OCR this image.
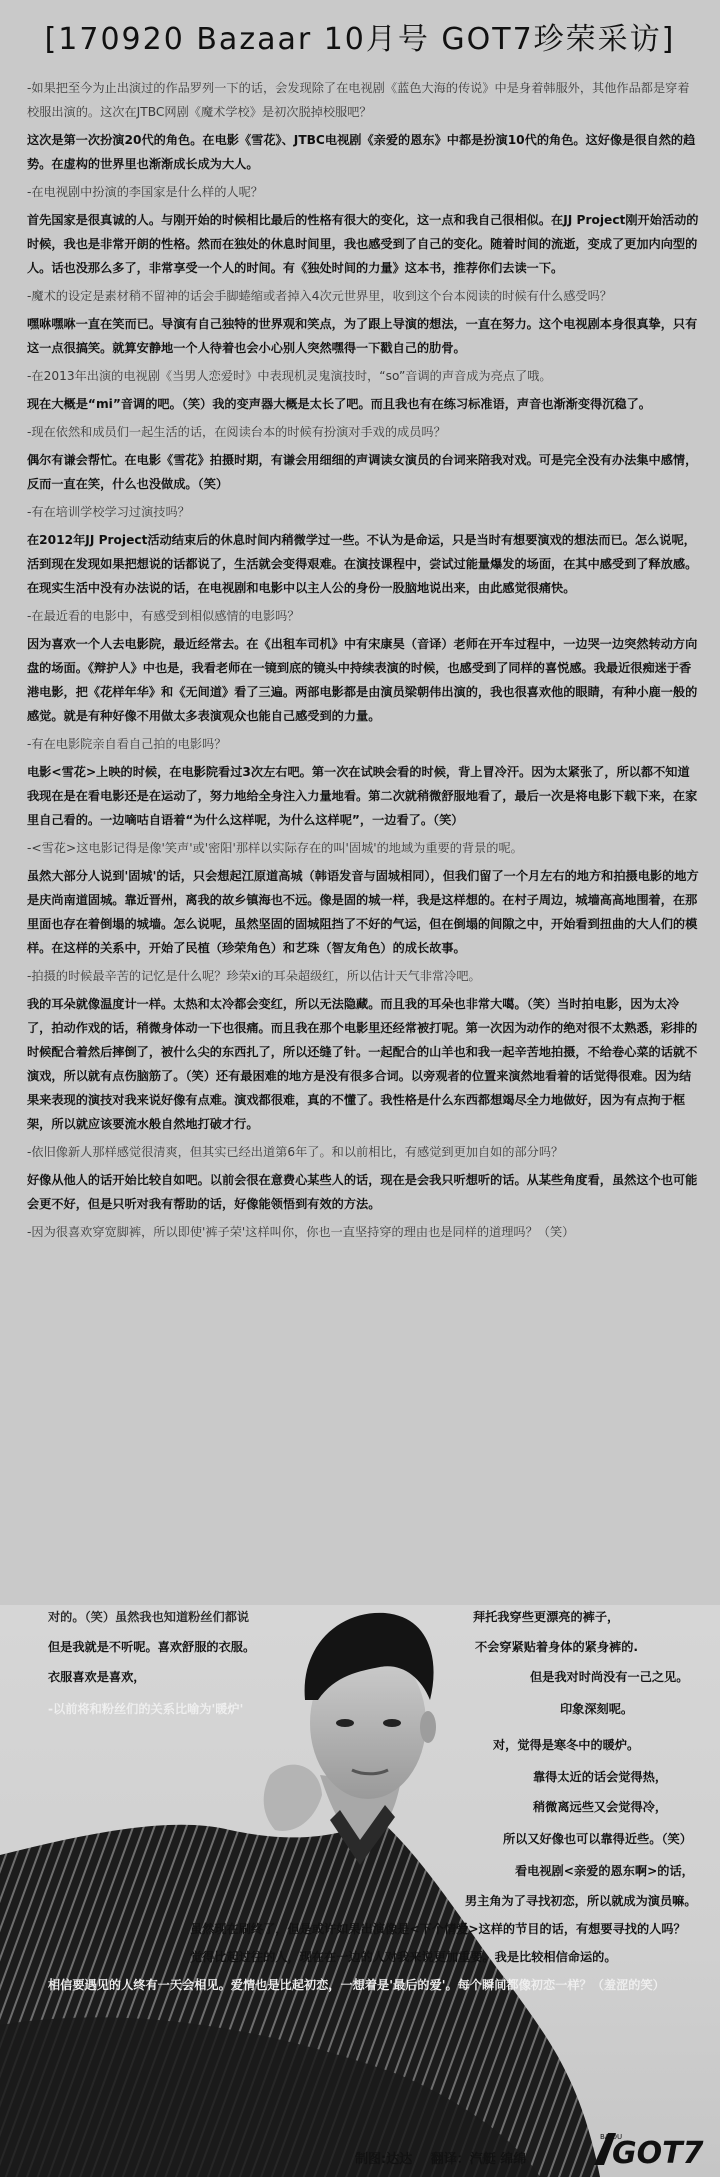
[170920 Bazaar 10月号 GOT7珍荣采访]

-如果把至今为止出演过的作品罗列一下的话，会发现除了在电视剧《蓝色大海的传说》中是身着韩服外，其他作品都是穿着校服出演的。这次在JTBC网剧《魔术学校》是初次脱掉校服吧？

这次是第一次扮演20代的角色。在电影《雪花》、JTBC电视剧《亲爱的恩东》中都是扮演10代的角色。这好像是很自然的趋势。在虚构的世界里也渐渐成长成为大人。

-在电视剧中扮演的李国家是什么样的人呢？

首先国家是很真诚的人。与刚开始的时候相比最后的性格有很大的变化，这一点和我自己很相似。在JJ Project刚开始活动的时候，我也是非常开朗的性格。然而在独处的休息时间里，我也感受到了自己的变化。随着时间的流逝，变成了更加内向型的人。话也没那么多了，非常享受一个人的时间。有《独处时间的力量》这本书，推荐你们去读一下。

-魔术的设定是素材稍不留神的话会手脚蜷缩或者掉入4次元世界里，收到这个台本阅读的时候有什么感受吗？

嘿咻嘿咻一直在笑而已。导演有自己独特的世界观和笑点，为了跟上导演的想法，一直在努力。这个电视剧本身很真挚，只有这一点很搞笑。就算安静地一个人待着也会小心别人突然嘿得一下戳自己的肋骨。

-在2013年出演的电视剧《当男人恋爱时》中表现机灵鬼演技时，“so”音调的声音成为亮点了哦。

现在大概是“mi”音调的吧。（笑）我的变声器大概是太长了吧。而且我也有在练习标准语，声音也渐渐变得沉稳了。

-现在依然和成员们一起生活的话，在阅读台本的时候有扮演对手戏的成员吗？

偶尔有谦会帮忙。在电影《雪花》拍摄时期，有谦会用细细的声调读女演员的台词来陪我对戏。可是完全没有办法集中感情，反而一直在笑，什么也没做成。（笑）

-有在培训学校学习过演技吗？

在2012年JJ Project活动结束后的休息时间内稍微学过一些。不认为是命运，只是当时有想要演戏的想法而已。怎么说呢，活到现在发现如果把想说的话都说了，生活就会变得艰难。在演技课程中，尝试过能量爆发的场面，在其中感受到了释放感。在现实生活中没有办法说的话，在电视剧和电影中以主人公的身份一股脑地说出来，由此感觉很痛快。

-在最近看的电影中，有感受到相似感情的电影吗？

因为喜欢一个人去电影院，最近经常去。在《出租车司机》中有宋康昊（音译）老师在开车过程中，一边哭一边突然转动方向盘的场面。《辩护人》中也是，我看老师在一镜到底的镜头中持续表演的时候，也感受到了同样的喜悦感。我最近很痴迷于香港电影，把《花样年华》和《无间道》看了三遍。两部电影都是由演员梁朝伟出演的，我也很喜欢他的眼睛，有种小鹿一般的感觉。就是有种好像不用做太多表演观众也能自己感受到的力量。

-有在电影院亲自看自己拍的电影吗？

电影<雪花>上映的时候，在电影院看过3次左右吧。第一次在试映会看的时候，背上冒冷汗。因为太紧张了，所以都不知道我现在是在看电影还是在运动了，努力地给全身注入力量地看。第二次就稍微舒服地看了，最后一次是将电影下载下来，在家里自己看的。一边嘀咕自语着“为什么这样呢，为什么这样呢”，一边看了。（笑）

-<雪花>这电影记得是像'笑声'或'密阳'那样以实际存在的叫'固城'的地域为重要的背景的呢。

虽然大部分人说到'固城'的话，只会想起江原道高城（韩语发音与固城相同），但我们留了一个月左右的地方和拍摄电影的地方是庆尚南道固城。靠近晋州，离我的故乡镇海也不远。像是固的城一样，我是这样想的。在村子周边，城墙高高地围着，在那里面也存在着倒塌的城墙。怎么说呢，虽然坚固的固城阻挡了不好的气运，但在倒塌的间隙之中，开始看到扭曲的大人们的模样。在这样的关系中，开始了民植（珍荣角色）和艺珠（智友角色）的成长故事。

-拍摄的时候最辛苦的记忆是什么呢？珍荣xi的耳朵超级红，所以估计天气非常冷吧。

我的耳朵就像温度计一样。太热和太冷都会变红，所以无法隐藏。而且我的耳朵也非常大噶。（笑）当时拍电影，因为太冷了，拍动作戏的话，稍微身体动一下也很痛。而且我在那个电影里还经常被打呢。第一次因为动作的绝对很不太熟悉，彩排的时候配合着然后摔倒了，被什么尖的东西扎了，所以还缝了针。一起配合的山羊也和我一起辛苦地拍摄，不给卷心菜的话就不演戏，所以就有点伤脑筋了。（笑）还有最困难的地方是没有很多合词。以旁观者的位置来演然地看着的话觉得很难。因为结果来表现的演技对我来说好像有点难。演戏都很难，真的不懂了。我性格是什么东西都想竭尽全力地做好，因为有点拘于框架，所以就应该要流水般自然地打破才行。

-依旧像新人那样感觉很清爽，但其实已经出道第6年了。和以前相比，有感觉到更加自如的部分吗？

好像从他人的话开始比较自如吧。以前会很在意费心某些人的话，现在是会我只听想听的话。从某些角度看，虽然这个也可能会更不好，但是只听对我有帮助的话，好像能领悟到有效的方法。

-因为很喜欢穿宽脚裤，所以即使'裤子荣'这样叫你，你也一直坚持穿的理由也是同样的道理吗？（笑）

对的。（笑）虽然我也知道粉丝们都说	拜托我穿些更漂亮的裤子，
但是我就是不听呢。喜欢舒服的衣服。	不会穿紧贴着身体的紧身裤的.
衣服喜欢是喜欢，	但是我对时尚没有一己之见。
-以前将和粉丝们的关系比喻为'暖炉'	印象深刻呢。
对，觉得是寒冬中的暖炉。
靠得太近的话会觉得热，
稍微离远些又会觉得冷，
所以又好像也可以靠得近些。（笑）
看电视剧<亲爱的恩东啊>的话，
男主角为了寻找初恋，所以就成为演员嘛。
虽然现在刷终了，但是或许如果出演像是<下个情爱>这样的节目的话，有想要寻找的人吗？
觉得比起过往的人，现在在一边的人对我来说更加重要。我是比较相信命运的。
相信要遇见的人终有一天会相见。爱情也是比起初恋，一想着是'最后的爱'。每个瞬间都像初恋一样？（羞涩的笑）
制图:达达 翻译：汽艇 绵绵	GOT7
BAIDU
